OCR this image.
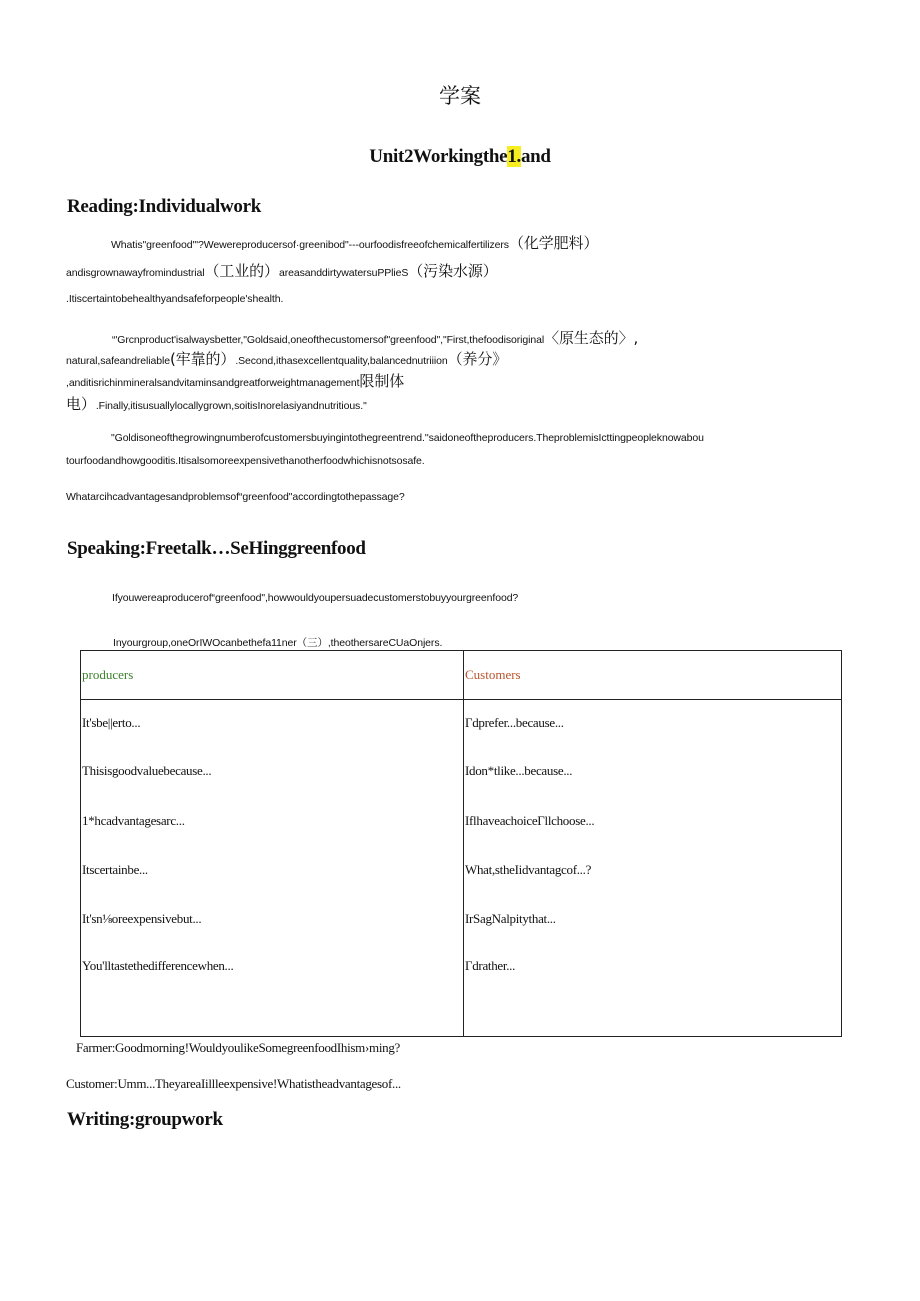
学案
Unit2Workingthe1.and
Reading:Individualwork
Whatis"greenfood'"?Wewereproducersof·greenibod"---ourfoodisfreeofchemicalfertilizers（化学肥料）
andisgrownawayfromindustrial（工业的）areasanddirtywatersuPPlieS（污染水源）
.Itiscertaintobehealthyandsafeforpeople'shealth.
“'Grcnproduct'isalwaysbetter,"Goldsaid,oneofthecustomersof"greenfood","First,thefoodisoriginal〈原生态的〉,
natural,safeandreliable(牢靠的）.Second,ithasexcellentquality,balancednutriiion（养分》
,anditisrichinmineralsandvitaminsandgreatforweightmanagement限制体
电）.Finally,itisusuallylocallygrown,soitisInorelasiyandnutritious.''
"Goldisoneofthegrowingnumberofcustomersbuyingintothegreentrend.''saidoneoftheproducers.TheproblemisIcttingpeopleknowabou
tourfoodandhowgooditis.Itisalsomoreexpensivethanotherfoodwhichisnotsosafe.
Whatarcihcadvantagesandproblemsof“greenfood"accordingtothepassage?
Speaking:Freetalk…SeHinggreenfood
Ifyouwereaproducerof“greenfood",howwouldyoupersuadecustomerstobuyyourgreenfood?
Inyourgroup,oneOrIWOcanbethefa11ner（三）,theothersareCUaOnjers.

producers	Customers
It'sbe||erto...	Γdprefer...because...
Thisisgoodvaluebecause...	Idon*tlike...because...
1*hcadvantagesarc...	IflhaveachoiceΓllchoose...
Itscertainbe...	What,stheIidvantagcof...?
It'sn⅛oreexpensivebut...	IrSagNalpitythat...
You'lltastethedifferencewhen...	Γdrather...
Farmer:Goodmorning!WouldyoulikeSomegreenfoodIhism›ming?
Customer:Umm...TheyareaIillleexpensive!Whatistheadvantagesof...
Writing:groupwork
